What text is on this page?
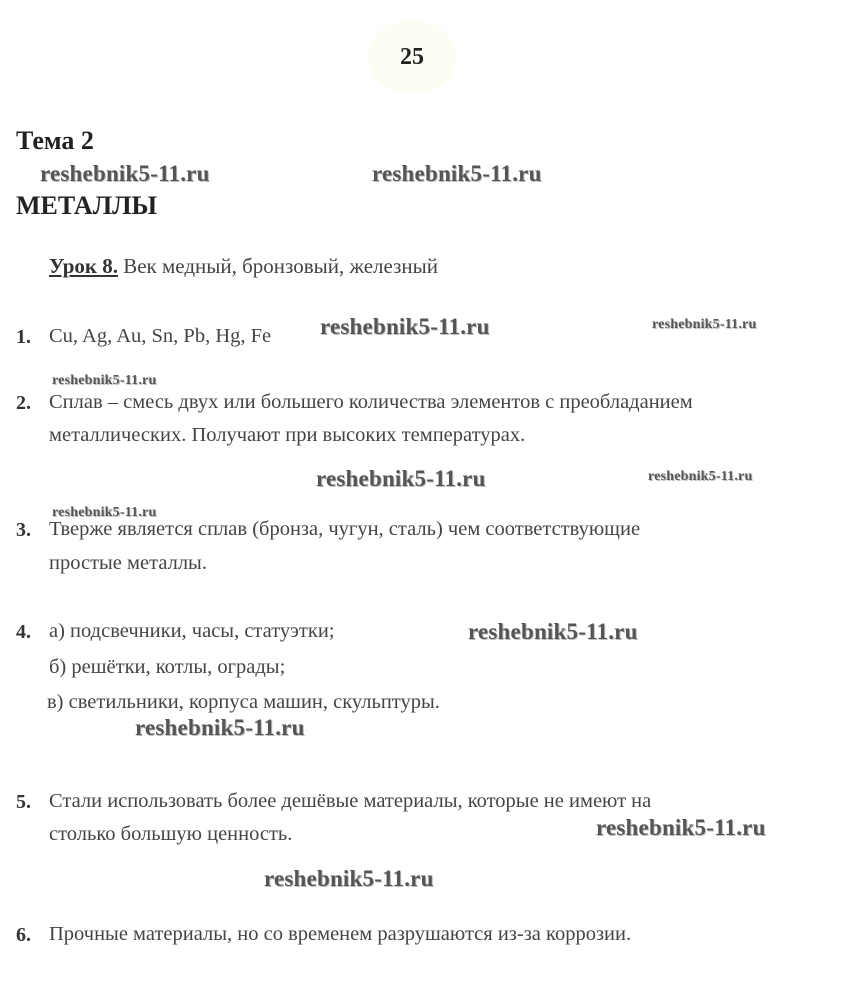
25
Тема 2
МЕТАЛЛЫ
Урок 8. Век медный, бронзовый, железный
1. Cu, Ag, Au, Sn, Pb, Hg, Fe
2. Сплав – смесь двух или большего количества элементов с преобладанием
металлических. Получают при высоких температурах.
3. Тверже является сплав (бронза, чугун, сталь) чем соответствующие
простые металлы.
4. а) подсвечники, часы, статуэтки;
б) решётки, котлы, ограды;
в) светильники, корпуса машин, скульптуры.
5. Стали использовать более дешёвые материалы, которые не имеют на
столько большую ценность.
6. Прочные материалы, но со временем разрушаются из-за коррозии.
reshebnik5-11.ru	reshebnik5-11.ru
reshebnik5-11.ru	reshebnik5-11.ru
reshebnik5-11.ru
reshebnik5-11.ru	reshebnik5-11.ru
reshebnik5-11.ru
reshebnik5-11.ru
reshebnik5-11.ru
reshebnik5-11.ru
reshebnik5-11.ru
